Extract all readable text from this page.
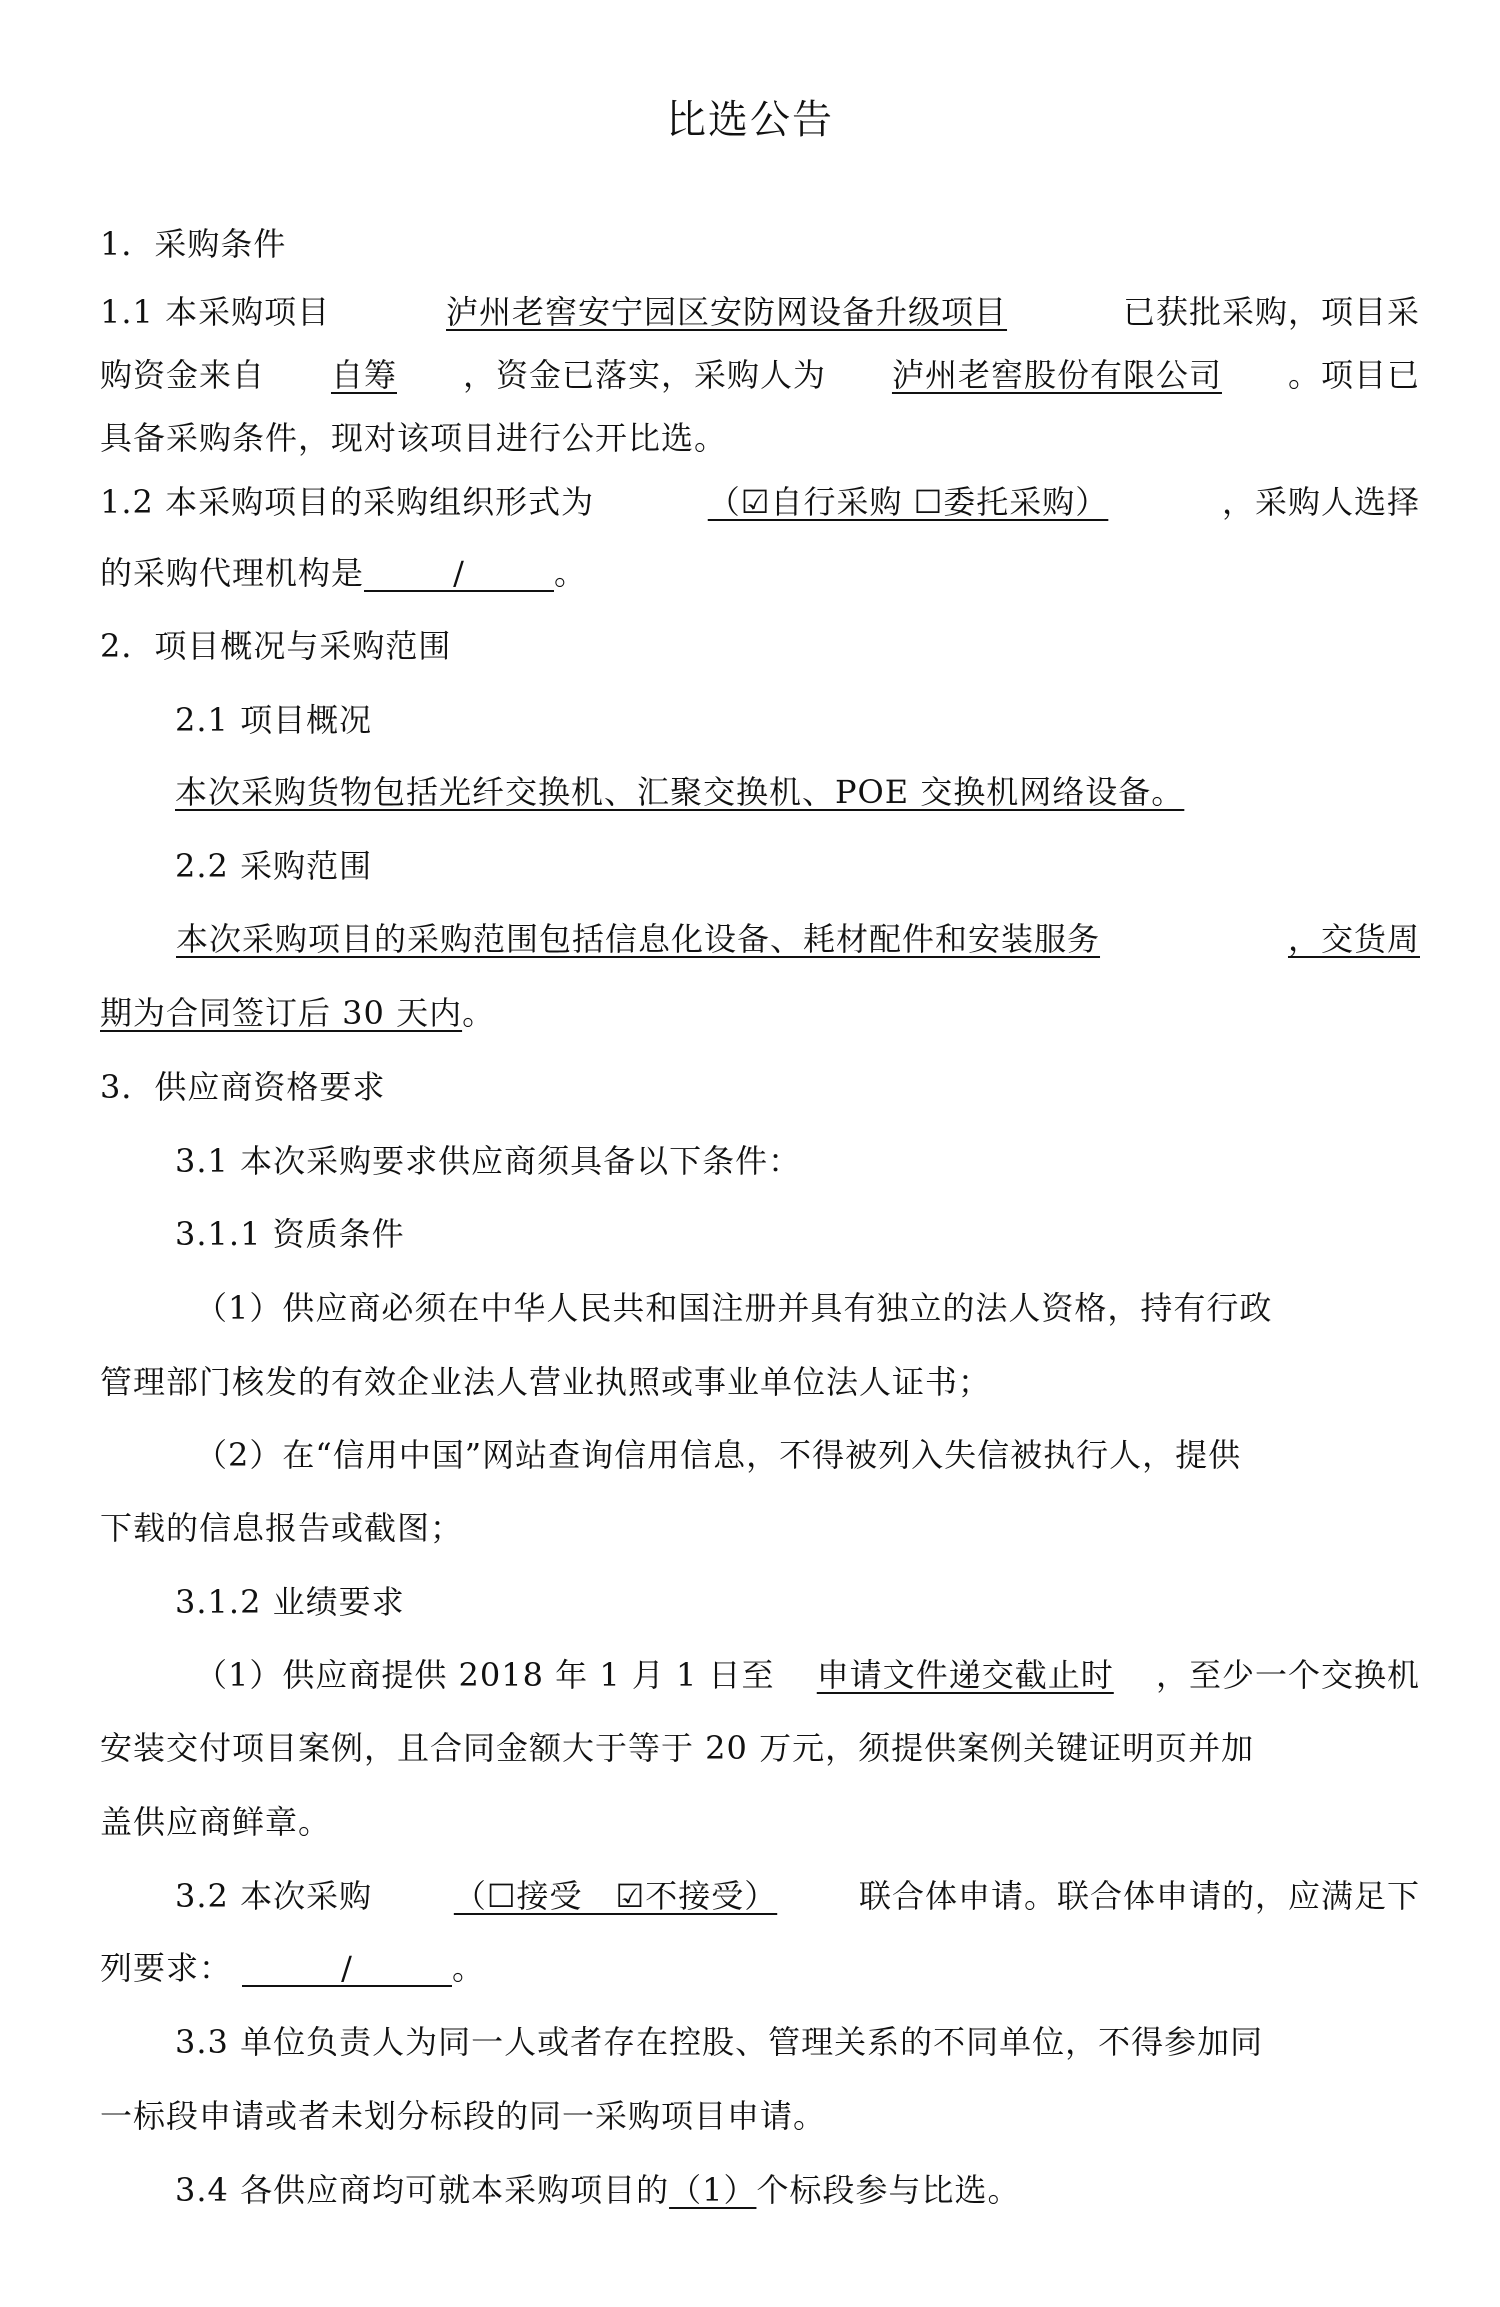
比选公告
1．采购条件
1.1 本采购项目	泸州老窖安宁园区安防网设备升级项目	已获批采购，项目采
购资金来自 自筹 ，资金已落实，采购人为 泸州老窖股份有限公司 。项目已
具备采购条件，现对该项目进行公开比选。
1.2 本采购项目的采购组织形式为	（☑自行采购 ☐委托采购）	，采购人选择
的采购代理机构是	/	。
2．项目概况与采购范围
2.1 项目概况
本次采购货物包括光纤交换机、汇聚交换机、POE 交换机网络设备。
2.2 采购范围
本次采购项目的采购范围包括信息化设备、耗材配件和安装服务	，交货周
期为合同签订后 30 天内。
3．供应商资格要求
3.1 本次采购要求供应商须具备以下条件：
3.1.1 资质条件
（1）供应商必须在中华人民共和国注册并具有独立的法人资格，持有行政
管理部门核发的有效企业法人营业执照或事业单位法人证书；
（2）在“信用中国”网站查询信用信息，不得被列入失信被执行人，提供
下载的信息报告或截图；
3.1.2 业绩要求
（1）供应商提供 2018 年 1 月 1 日至 申请文件递交截止时 ，至少一个交换机
安装交付项目案例，且合同金额大于等于 20 万元，须提供案例关键证明页并加
盖供应商鲜章。
3.2 本次采购	（☐接受　☑不接受）	联合体申请。联合体申请的，应满足下
列要求：	/	。
3.3 单位负责人为同一人或者存在控股、管理关系的不同单位，不得参加同
一标段申请或者未划分标段的同一采购项目申请。
3.4 各供应商均可就本采购项目的（1）个标段参与比选。
